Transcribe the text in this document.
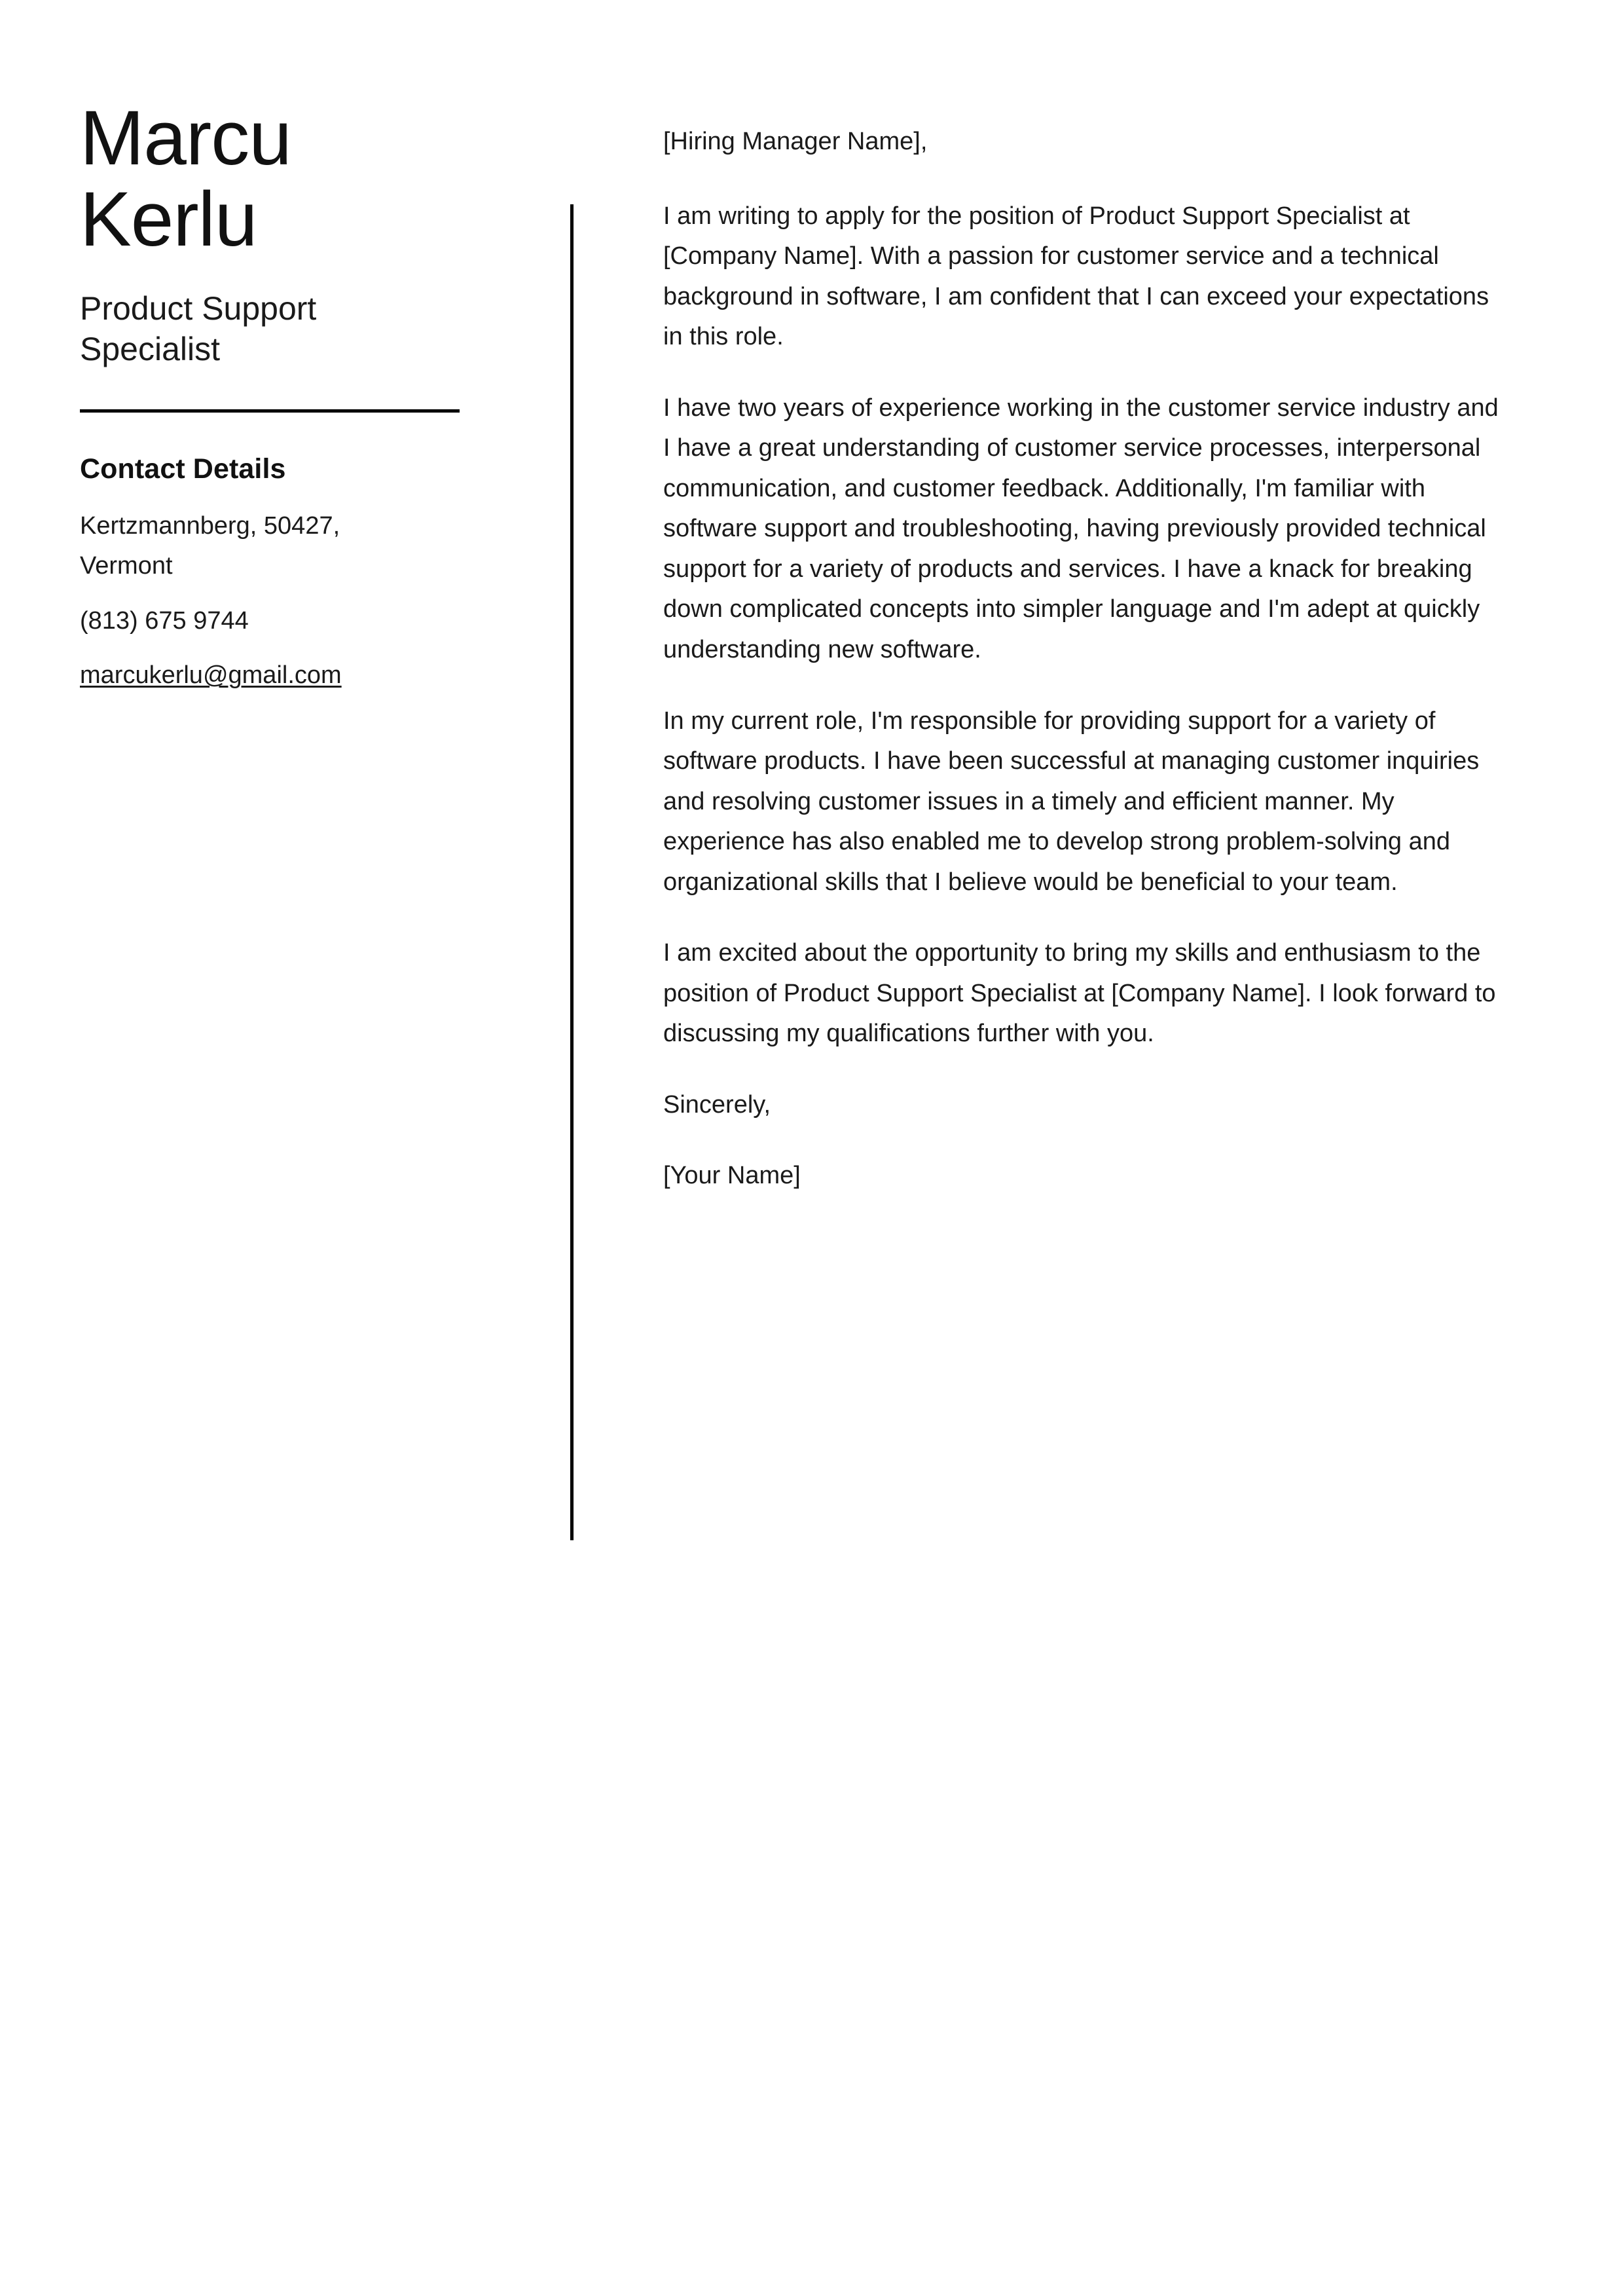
Marcu
Kerlu
Product Support Specialist
Contact Details
Kertzmannberg, 50427, Vermont
(813) 675 9744
marcukerlu@gmail.com

[Hiring Manager Name],

I am writing to apply for the position of Product Support Specialist at [Company Name]. With a passion for customer service and a technical background in software, I am confident that I can exceed your expectations in this role.

I have two years of experience working in the customer service industry and I have a great understanding of customer service processes, interpersonal communication, and customer feedback. Additionally, I'm familiar with software support and troubleshooting, having previously provided technical support for a variety of products and services. I have a knack for breaking down complicated concepts into simpler language and I'm adept at quickly understanding new software.

In my current role, I'm responsible for providing support for a variety of software products. I have been successful at managing customer inquiries and resolving customer issues in a timely and efficient manner. My experience has also enabled me to develop strong problem-solving and organizational skills that I believe would be beneficial to your team.

I am excited about the opportunity to bring my skills and enthusiasm to the position of Product Support Specialist at [Company Name]. I look forward to discussing my qualifications further with you.

Sincerely,

[Your Name]
